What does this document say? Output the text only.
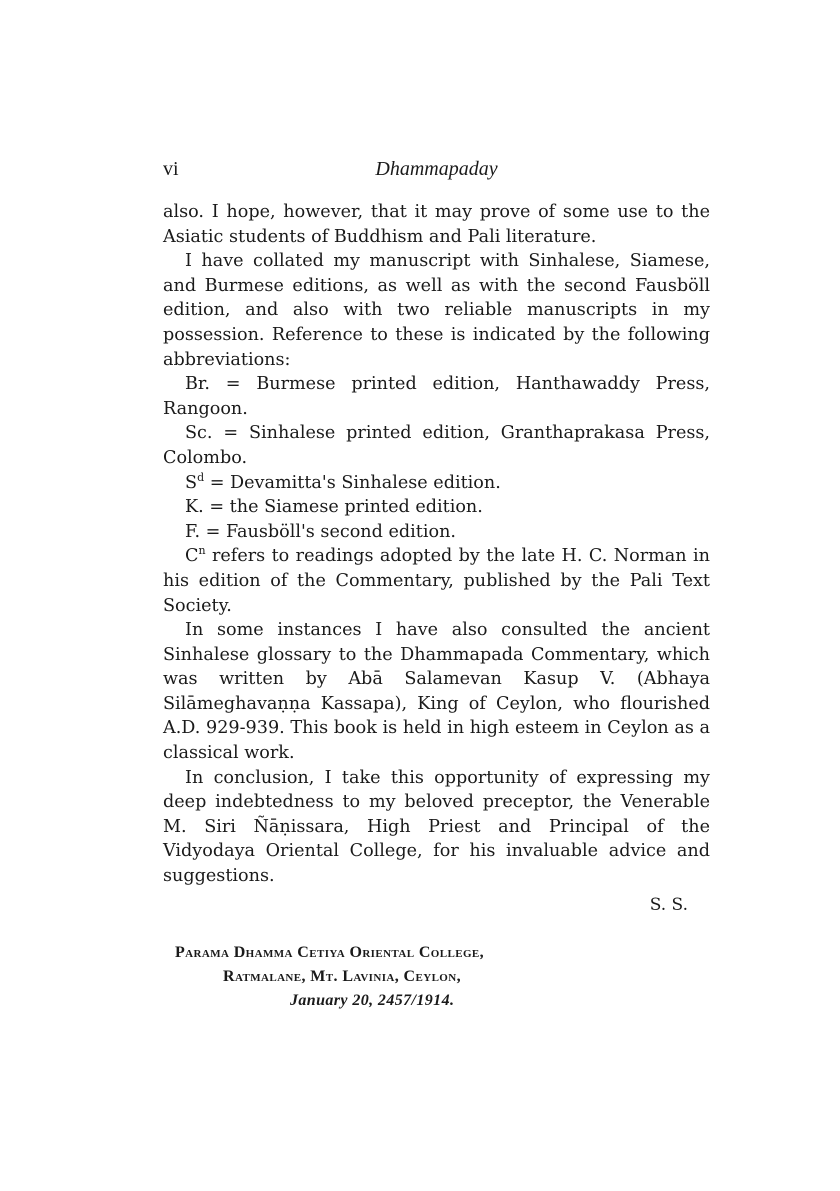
vi	Dhammapaday

also. I hope, however, that it may prove of some use to the Asiatic students of Buddhism and Pali literature.

I have collated my manuscript with Sinhalese, Siamese, and Burmese editions, as well as with the second Fausböll edition, and also with two reliable manuscripts in my possession. Reference to these is indicated by the following abbreviations:

Br. = Burmese printed edition, Hanthawaddy Press, Rangoon.

Sc. = Sinhalese printed edition, Granthaprakasa Press, Colombo.

$S^d$ = Devamitta's Sinhalese edition.

K. = the Siamese printed edition.

F. = Fausböll's second edition.

$C^n$ refers to readings adopted by the late H. C. Norman in his edition of the Commentary, published by the Pali Text Society.

In some instances I have also consulted the ancient Sinhalese glossary to the Dhammapada Commentary, which was written by Abā Salamevan Kasup V. (Abhaya Silāmeghavaṇṇa Kassapa), King of Ceylon, who flourished A.D. 929-939. This book is held in high esteem in Ceylon as a classical work.

In conclusion, I take this opportunity of expressing my deep indebtedness to my beloved preceptor, the Venerable M. Siri Ñāṇissara, High Priest and Principal of the Vidyodaya Oriental College, for his invaluable advice and suggestions.

S. S.
Parama Dhamma Cetiya Oriental College,
Ratmalane, Mt. Lavinia, Ceylon,
January 20, 2457/1914.
